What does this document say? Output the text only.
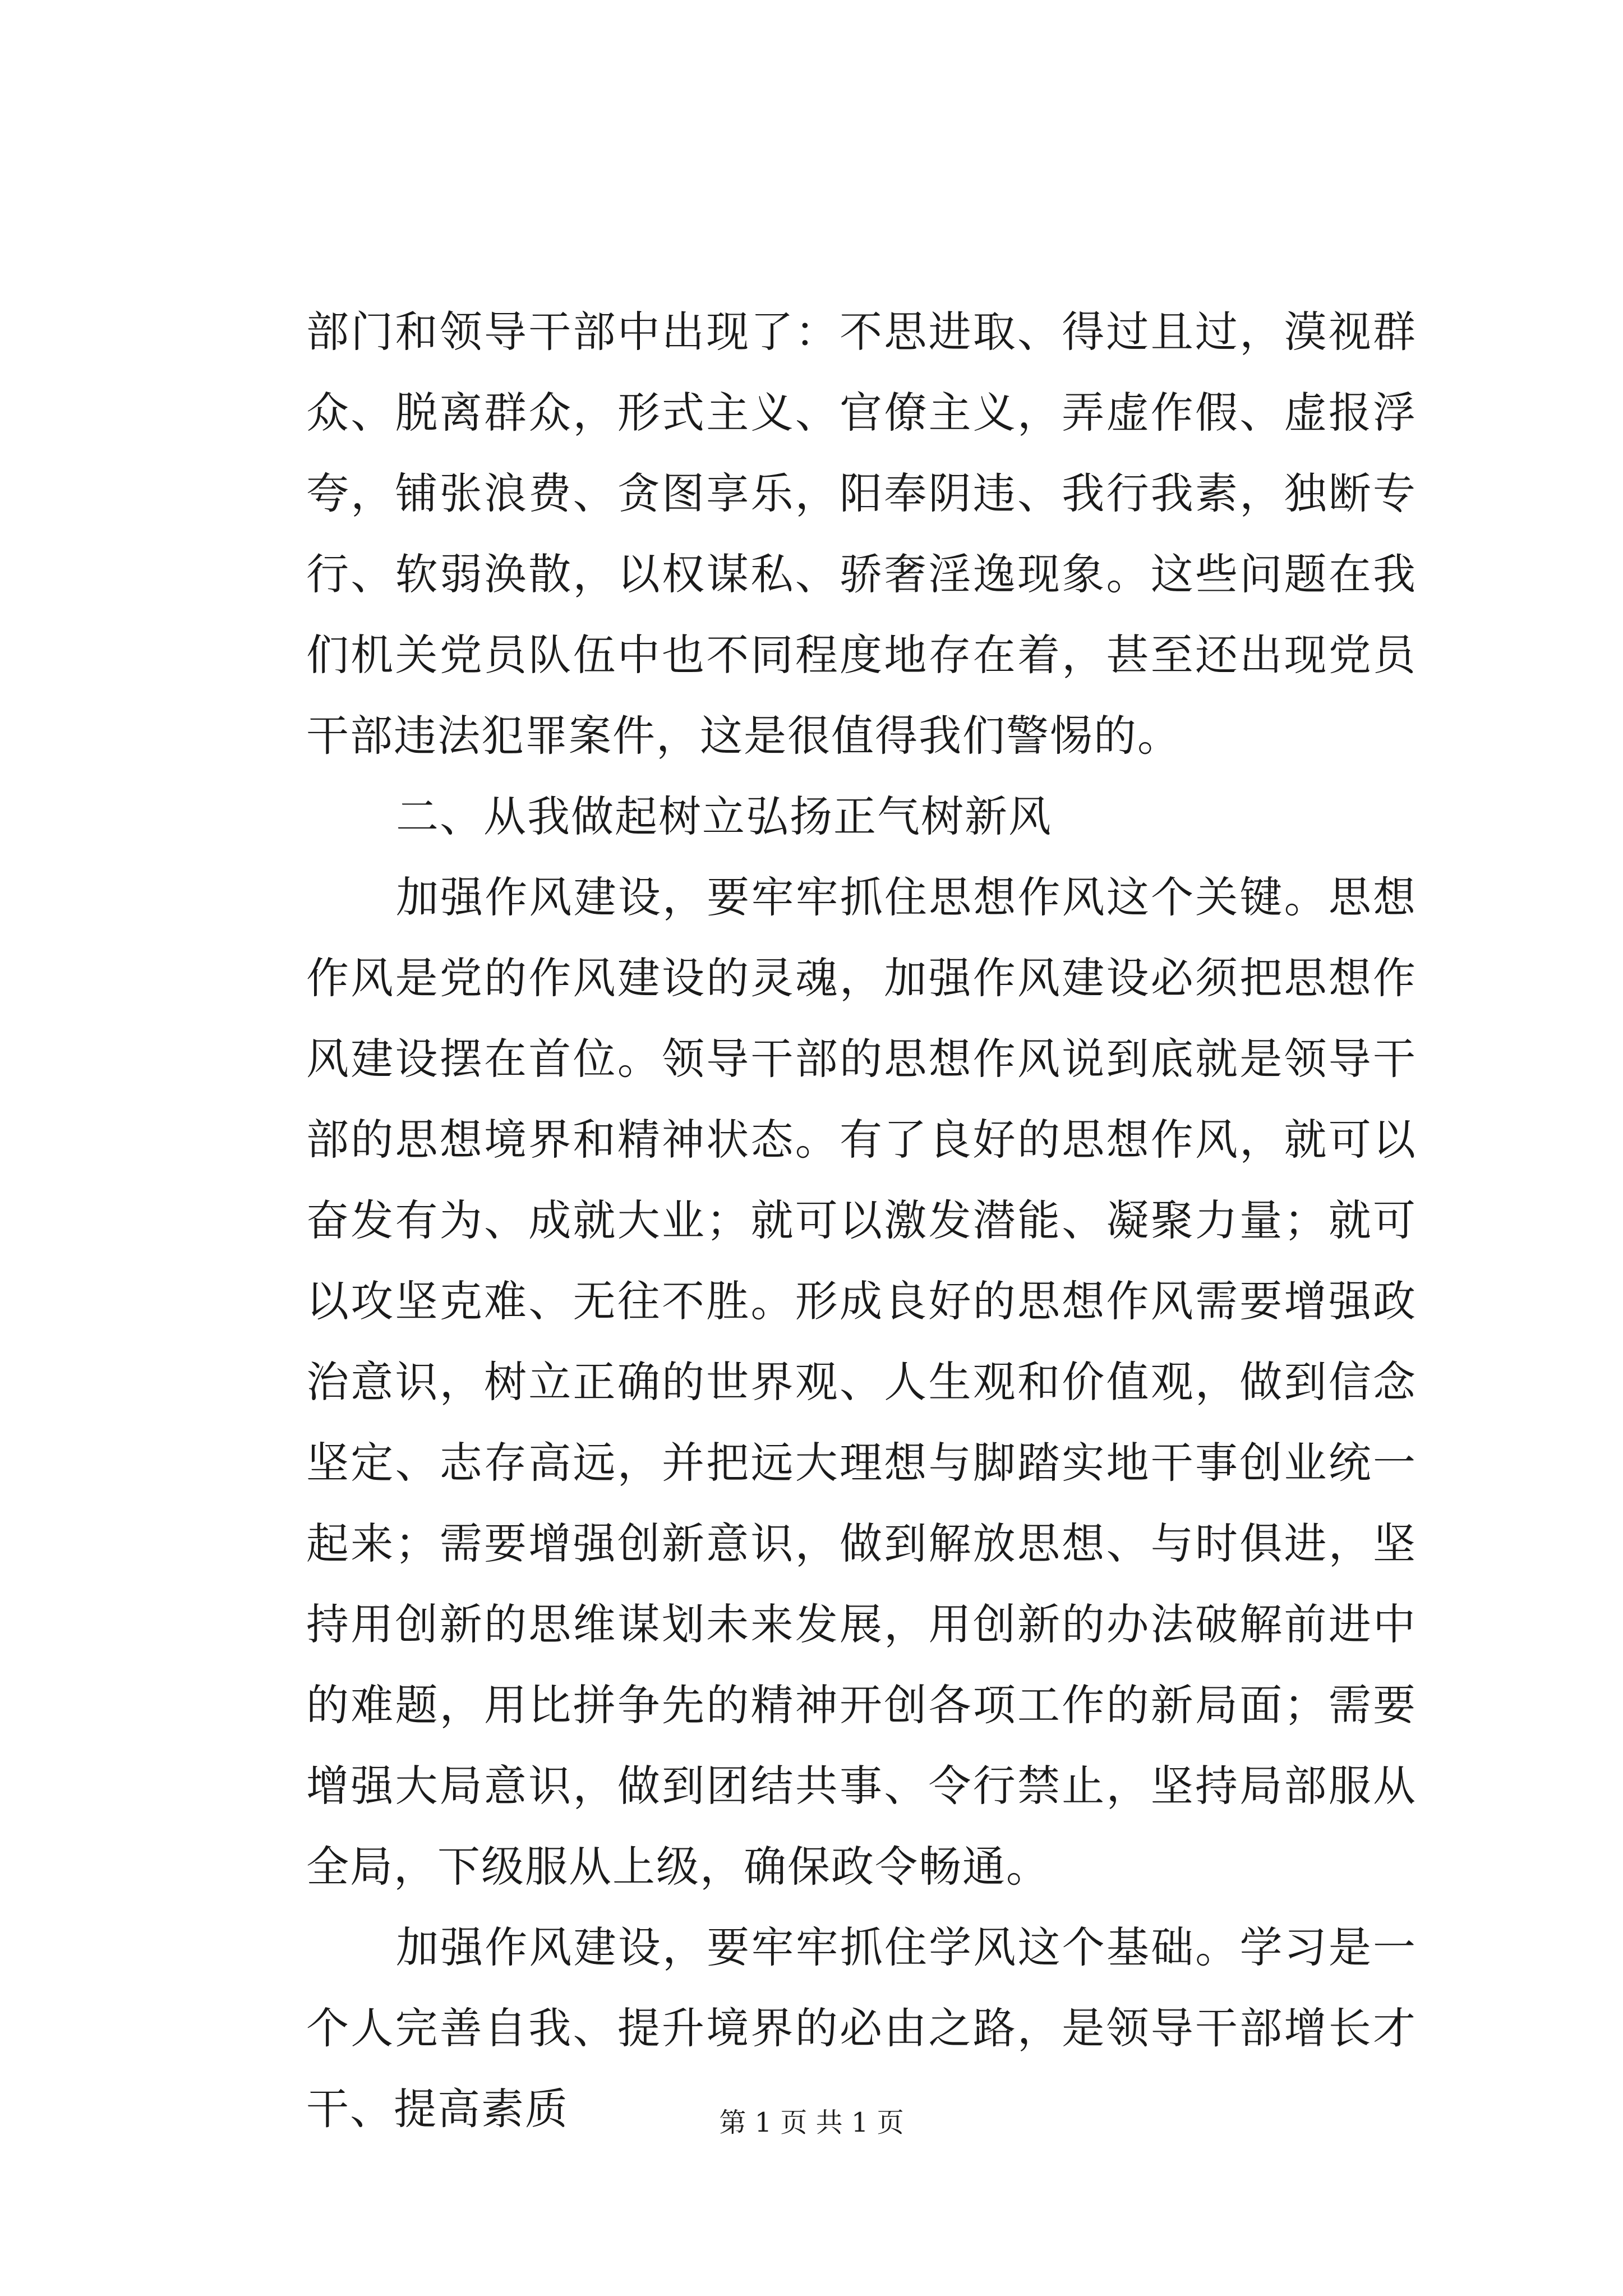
部门和领导干部中出现了：不思进取、得过且过，漠视群众、脱离群众，形式主义、官僚主义，弄虚作假、虚报浮夸，铺张浪费、贪图享乐，阳奉阴违、我行我素，独断专行、软弱涣散，以权谋私、骄奢淫逸现象。这些问题在我们机关党员队伍中也不同程度地存在着，甚至还出现党员干部违法犯罪案件，这是很值得我们警惕的。

二、从我做起树立弘扬正气树新风

加强作风建设，要牢牢抓住思想作风这个关键。思想作风是党的作风建设的灵魂，加强作风建设必须把思想作风建设摆在首位。领导干部的思想作风说到底就是领导干部的思想境界和精神状态。有了良好的思想作风，就可以奋发有为、成就大业；就可以激发潜能、凝聚力量；就可以攻坚克难、无往不胜。形成良好的思想作风需要增强政治意识，树立正确的世界观、人生观和价值观，做到信念坚定、志存高远，并把远大理想与脚踏实地干事创业统一起来；需要增强创新意识，做到解放思想、与时俱进，坚持用创新的思维谋划未来发展，用创新的办法破解前进中的难题，用比拼争先的精神开创各项工作的新局面；需要增强大局意识，做到团结共事、令行禁止，坚持局部服从全局，下级服从上级，确保政令畅通。

加强作风建设，要牢牢抓住学风这个基础。学习是一个人完善自我、提升境界的必由之路，是领导干部增长才干、提高素质	第 1 页 共 1 页
